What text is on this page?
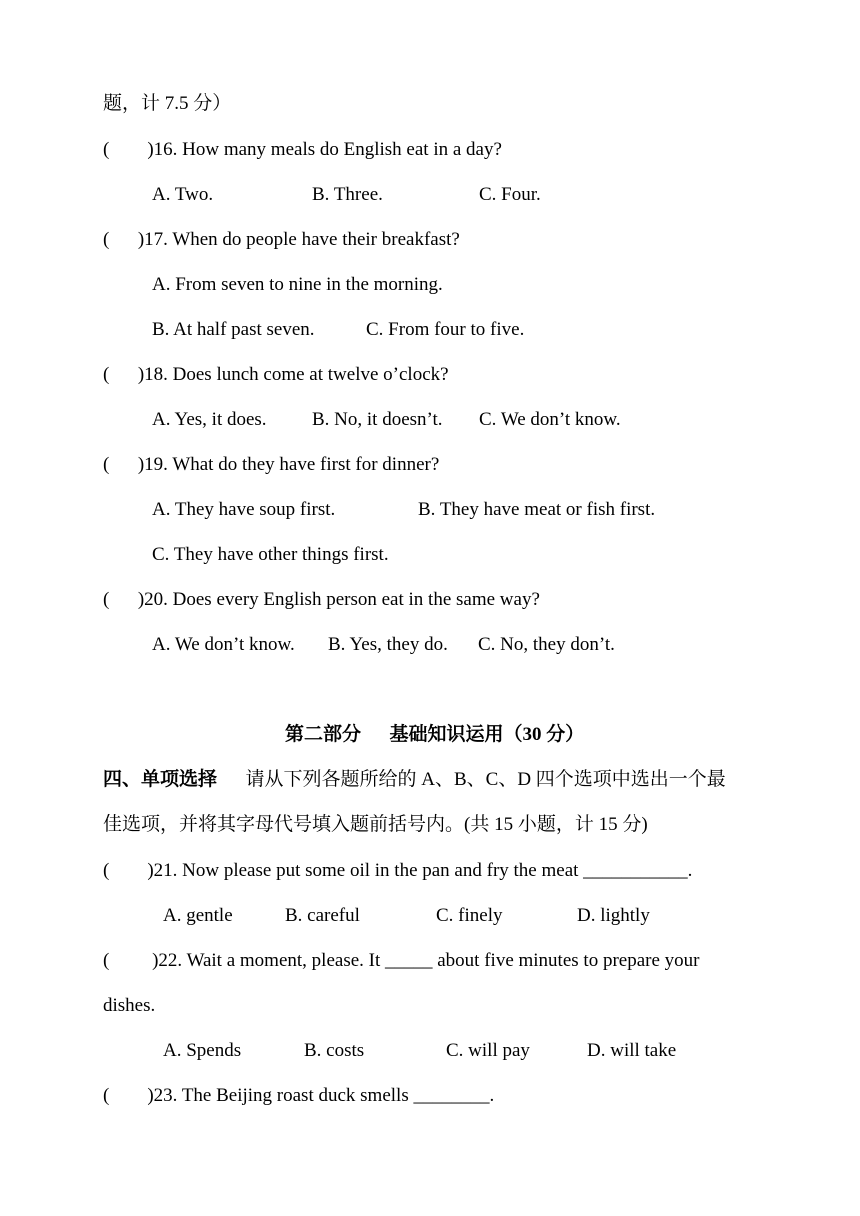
题，计 7.5 分）
(        )16. How many meals do English eat in a day?
A. Two.	B. Three.	C. Four.
(      )17. When do people have their breakfast?
A. From seven to nine in the morning.
B. At half past seven.	C. From four to five.
(      )18. Does lunch come at twelve o’clock?
A. Yes, it does. B. No, it doesn’t. C. We don’t know.
(      )19. What do they have first for dinner?
A. They have soup first.	B. They have meat or fish first.
C. They have other things first.
(      )20. Does every English person eat in the same way?
A. We don’t know. B. Yes, they do. C. No, they don’t.
第二部分      基础知识运用（30 分）
四、单项选择 请从下列各题所给的 A、B、C、D 四个选项中选出一个最
佳选项，并将其字母代号填入题前括号内。(共 15 小题，计 15 分)
(        )21. Now please put some oil in the pan and fry the meat ___________.
A. gentle	B. careful	C. finely	D. lightly
(         )22. Wait a moment, please. It _____ about five minutes to prepare your
dishes.
A. Spends	B. costs	C. will pay	D. will take
(        )23. The Beijing roast duck smells ________.
